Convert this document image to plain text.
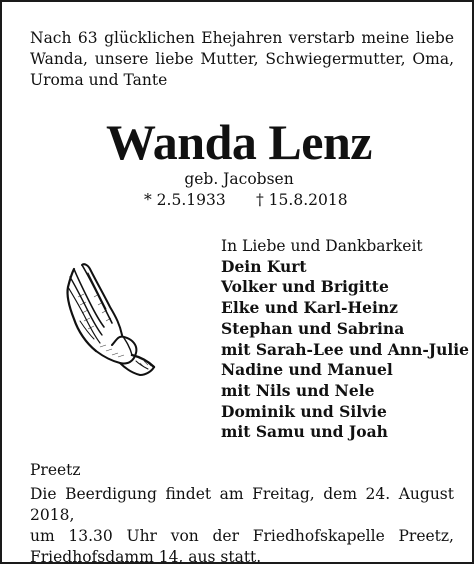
Nach 63 glücklichen Ehejahren verstarb meine liebe

Wanda, unsere liebe Mutter, Schwiegermutter, Oma,

Uroma und Tante

Wanda Lenz
geb. Jacobsen
* 2.5.1933 † 15.8.2018
In Liebe und Dankbarkeit
Dein Kurt
Volker und Brigitte
Elke und Karl-Heinz
Stephan und Sabrina
mit Sarah-Lee und Ann-Julie
Nadine und Manuel
mit Nils und Nele
Dominik und Silvie
mit Samu und Joah
Preetz

Die Beerdigung findet am Freitag, dem 24. August 2018,

um 13.30 Uhr von der Friedhofskapelle Preetz,

Friedhofsdamm 14, aus statt.
